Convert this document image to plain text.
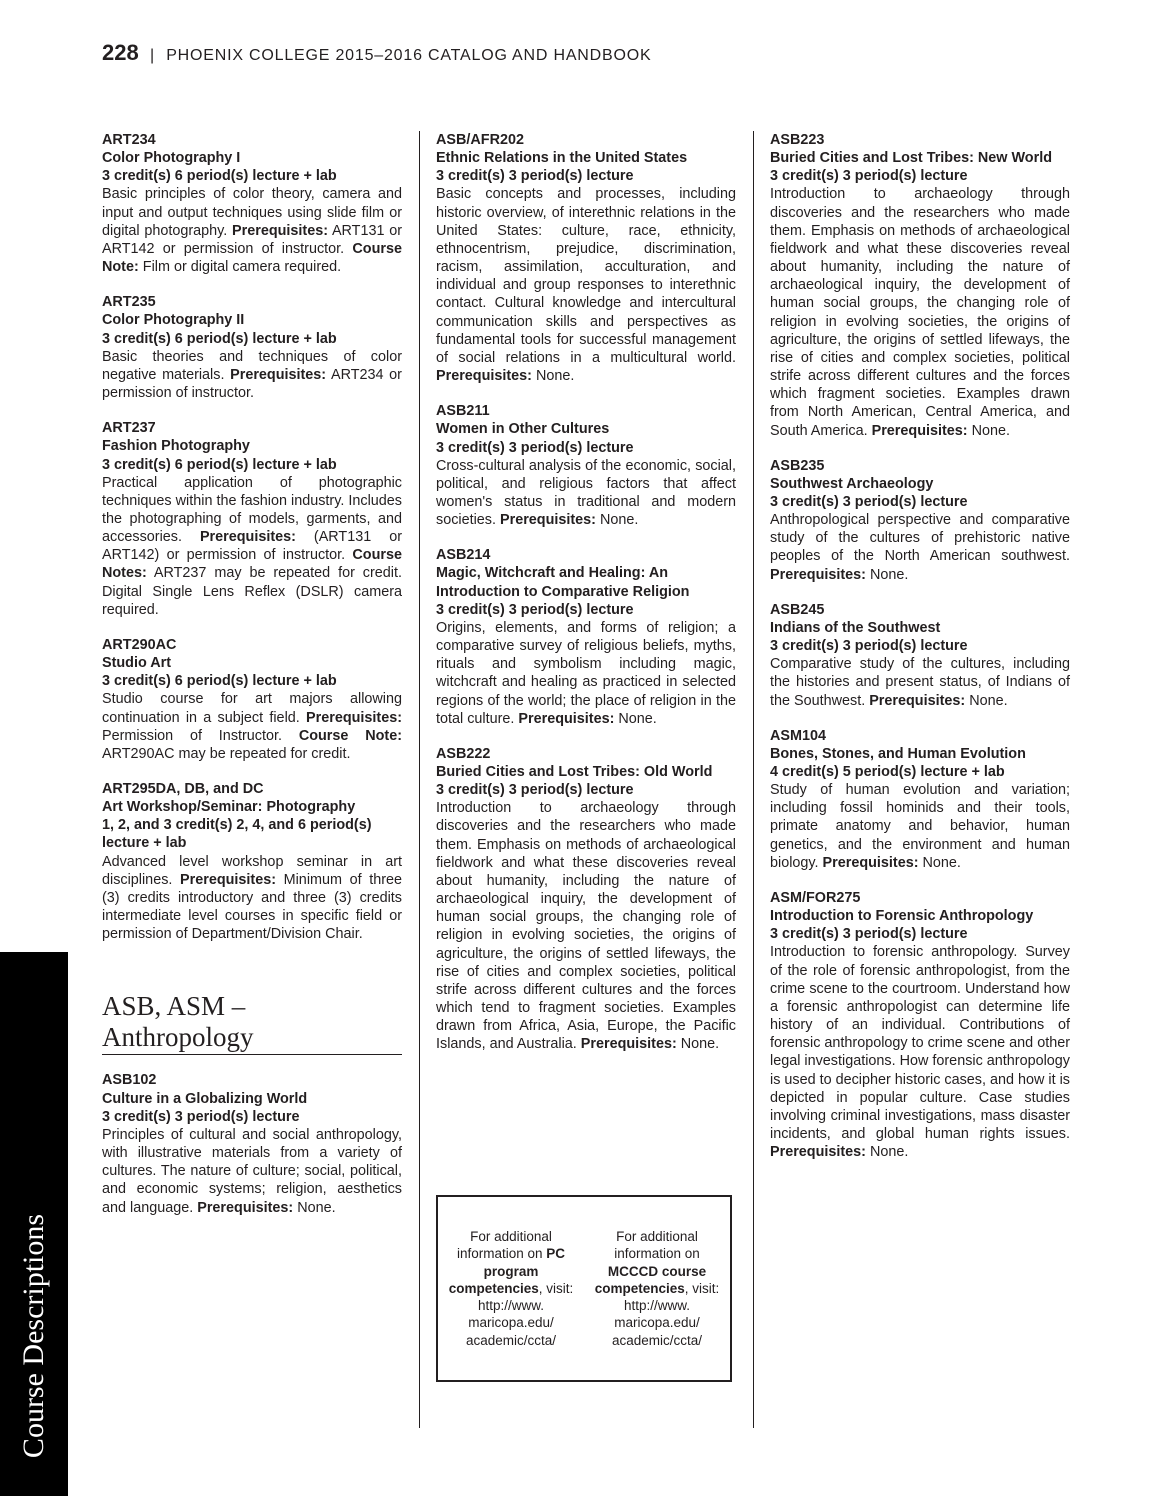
228 | PHOENIX COLLEGE 2015–2016 CATALOG AND HANDBOOK
ART234
Color Photography I
3 credit(s) 6 period(s) lecture + lab
Basic principles of color theory, camera and input and output techniques using slide film or digital photography. Prerequisites: ART131 or ART142 or permission of instructor. Course Note: Film or digital camera required.
ART235
Color Photography II
3 credit(s) 6 period(s) lecture + lab
Basic theories and techniques of color negative materials. Prerequisites: ART234 or permission of instructor.
ART237
Fashion Photography
3 credit(s) 6 period(s) lecture + lab
Practical application of photographic techniques within the fashion industry. Includes the photographing of models, garments, and accessories. Prerequisites: (ART131 or ART142) or permission of instructor. Course Notes: ART237 may be repeated for credit. Digital Single Lens Reflex (DSLR) camera required.
ART290AC
Studio Art
3 credit(s) 6 period(s) lecture + lab
Studio course for art majors allowing continuation in a subject field. Prerequisites: Permission of Instructor. Course Note: ART290AC may be repeated for credit.
ART295DA, DB, and DC
Art Workshop/Seminar: Photography
1, 2, and 3 credit(s) 2, 4, and 6 period(s) lecture + lab
Advanced level workshop seminar in art disciplines. Prerequisites: Minimum of three (3) credits introductory and three (3) credits intermediate level courses in specific field or permission of Department/Division Chair.
ASB, ASM –
Anthropology
ASB102
Culture in a Globalizing World
3 credit(s) 3 period(s) lecture
Principles of cultural and social anthropology, with illustrative materials from a variety of cultures. The nature of culture; social, political, and economic systems; religion, aesthetics and language. Prerequisites: None.
ASB/AFR202
Ethnic Relations in the United States
3 credit(s) 3 period(s) lecture
Basic concepts and processes, including historic overview, of interethnic relations in the United States: culture, race, ethnicity, ethnocentrism, prejudice, discrimination, racism, assimilation, acculturation, and individual and group responses to interethnic contact. Cultural knowledge and intercultural communication skills and perspectives as fundamental tools for successful management of social relations in a multicultural world. Prerequisites: None.
ASB211
Women in Other Cultures
3 credit(s) 3 period(s) lecture
Cross-cultural analysis of the economic, social, political, and religious factors that affect women's status in traditional and modern societies. Prerequisites: None.
ASB214
Magic, Witchcraft and Healing: An Introduction to Comparative Religion
3 credit(s) 3 period(s) lecture
Origins, elements, and forms of religion; a comparative survey of religious beliefs, myths, rituals and symbolism including magic, witchcraft and healing as practiced in selected regions of the world; the place of religion in the total culture. Prerequisites: None.
ASB222
Buried Cities and Lost Tribes: Old World
3 credit(s) 3 period(s) lecture
Introduction to archaeology through discoveries and the researchers who made them. Emphasis on methods of archaeological fieldwork and what these discoveries reveal about humanity, including the nature of archaeological inquiry, the development of human social groups, the changing role of religion in evolving societies, the origins of agriculture, the origins of settled lifeways, the rise of cities and complex societies, political strife across different cultures and the forces which tend to fragment societies. Examples drawn from Africa, Asia, Europe, the Pacific Islands, and Australia. Prerequisites: None.
For additional information on PC program competencies, visit: http://www. maricopa.edu/ academic/ccta/
For additional information on MCCCD course competencies, visit: http://www. maricopa.edu/ academic/ccta/
ASB223
Buried Cities and Lost Tribes: New World
3 credit(s) 3 period(s) lecture
Introduction to archaeology through discoveries and the researchers who made them. Emphasis on methods of archaeological fieldwork and what these discoveries reveal about humanity, including the nature of archaeological inquiry, the development of human social groups, the changing role of religion in evolving societies, the origins of agriculture, the origins of settled lifeways, the rise of cities and complex societies, political strife across different cultures and the forces which fragment societies. Examples drawn from North American, Central America, and South America. Prerequisites: None.
ASB235
Southwest Archaeology
3 credit(s) 3 period(s) lecture
Anthropological perspective and comparative study of the cultures of prehistoric native peoples of the North American southwest. Prerequisites: None.
ASB245
Indians of the Southwest
3 credit(s) 3 period(s) lecture
Comparative study of the cultures, including the histories and present status, of Indians of the Southwest. Prerequisites: None.
ASM104
Bones, Stones, and Human Evolution
4 credit(s) 5 period(s) lecture + lab
Study of human evolution and variation; including fossil hominids and their tools, primate anatomy and behavior, human genetics, and the environment and human biology. Prerequisites: None.
ASM/FOR275
Introduction to Forensic Anthropology
3 credit(s) 3 period(s) lecture
Introduction to forensic anthropology. Survey of the role of forensic anthropologist, from the crime scene to the courtroom. Understand how a forensic anthropologist can determine life history of an individual. Contributions of forensic anthropology to crime scene and other legal investigations. How forensic anthropology is used to decipher historic cases, and how it is depicted in popular culture. Case studies involving criminal investigations, mass disaster incidents, and global human rights issues. Prerequisites: None.
Course Descriptions
